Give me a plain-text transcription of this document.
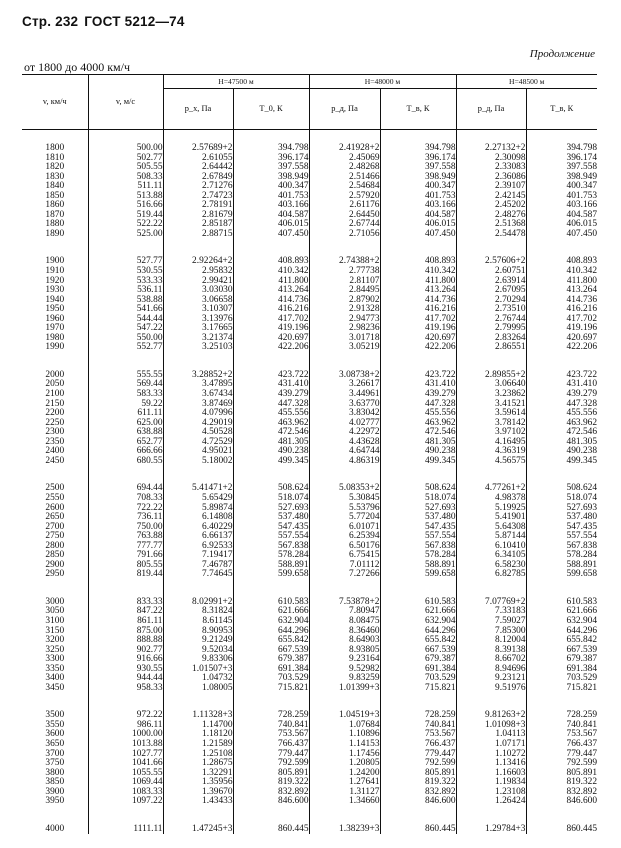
Стр. 232 ГОСТ 5212—74
Продолжение
от 1800 до 4000 км/ч
v, км/ч	v, м/с	H=47500 м		H=48000 м		H=48500 м	
		p_x, Па	T_0, К	p_д, Па	T_в, К	p_д, Па	T_в, К

1800	500.00	2.57689+2	394.798	2.41928+2	394.798	2.27132+2	394.798
1810	502.77	2.61055	396.174	2.45069	396.174	2.30098	396.174
1820	505.55	2.64442	397.558	2.48268	397.558	2.33083	397.558
1830	508.33	2.67849	398.949	2.51466	398.949	2.36086	398.949
1840	511.11	2.71276	400.347	2.54684	400.347	2.39107	400.347
1850	513.88	2.74723	401.753	2.57920	401.753	2.42145	401.753
1860	516.66	2.78191	403.166	2.61176	403.166	2.45202	403.166
1870	519.44	2.81679	404.587	2.64450	404.587	2.48276	404.587
1880	522.22	2.85187	406.015	2.67744	406.015	2.51368	406.015
1890	525.00	2.88715	407.450	2.71056	407.450	2.54478	407.450

1900	527.77	2.92264+2	408.893	2.74388+2	408.893	2.57606+2	408.893
1910	530.55	2.95832	410.342	2.77738	410.342	2.60751	410.342
1920	533.33	2.99421	411.800	2.81107	411.800	2.63914	411.800
1930	536.11	3.03030	413.264	2.84495	413.264	2.67095	413.264
1940	538.88	3.06658	414.736	2.87902	414.736	2.70294	414.736
1950	541.66	3.10307	416.216	2.91328	416.216	2.73510	416.216
1960	544.44	3.13976	417.702	2.94773	417.702	2.76744	417.702
1970	547.22	3.17665	419.196	2.98236	419.196	2.79995	419.196
1980	550.00	3.21374	420.697	3.01718	420.697	2.83264	420.697
1990	552.77	3.25103	422.206	3.05219	422.206	2.86551	422.206

2000	555.55	3.28852+2	423.722	3.08738+2	423.722	2.89855+2	423.722
2050	569.44	3.47895	431.410	3.26617	431.410	3.06640	431.410
2100	583.33	3.67434	439.279	3.44961	439.279	3.23862	439.279
2150	59.22	3.87469	447.328	3.63770	447.328	3.41521	447.328
2200	611.11	4.07996	455.556	3.83042	455.556	3.59614	455.556
2250	625.00	4.29019	463.962	4.02777	463.962	3.78142	463.962
2300	638.88	4.50528	472.546	4.22972	472.546	3.97102	472.546
2350	652.77	4.72529	481.305	4.43628	481.305	4.16495	481.305
2400	666.66	4.95021	490.238	4.64744	490.238	4.36319	490.238
2450	680.55	5.18002	499.345	4.86319	499.345	4.56575	499.345

2500	694.44	5.41471+2	508.624	5.08353+2	508.624	4.77261+2	508.624
2550	708.33	5.65429	518.074	5.30845	518.074	4.98378	518.074
2600	722.22	5.89874	527.693	5.53796	527.693	5.19925	527.693
2650	736.11	6.14808	537.480	5.77204	537.480	5.41901	537.480
2700	750.00	6.40229	547.435	6.01071	547.435	5.64308	547.435
2750	763.88	6.66137	557.554	6.25394	557.554	5.87144	557.554
2800	777.77	6.92533	567.838	6.50176	567.838	6.10410	567.838
2850	791.66	7.19417	578.284	6.75415	578.284	6.34105	578.284
2900	805.55	7.46787	588.891	7.01112	588.891	6.58230	588.891
2950	819.44	7.74645	599.658	7.27266	599.658	6.82785	599.658

3000	833.33	8.02991+2	610.583	7.53878+2	610.583	7.07769+2	610.583
3050	847.22	8.31824	621.666	7.80947	621.666	7.33183	621.666
3100	861.11	8.61145	632.904	8.08475	632.904	7.59027	632.904
3150	875.00	8.90953	644.296	8.36460	644.296	7.85300	644.296
3200	888.88	9.21249	655.842	8.64903	655.842	8.12004	655.842
3250	902.77	9.52034	667.539	8.93805	667.539	8.39138	667.539
3300	916.66	9.83306	679.387	9.23164	679.387	8.66702	679.387
3350	930.55	1.01507+3	691.384	9.52982	691.384	8.94696	691.384
3400	944.44	1.04732	703.529	9.83259	703.529	9.23121	703.529
3450	958.33	1.08005	715.821	1.01399+3	715.821	9.51976	715.821

3500	972.22	1.11328+3	728.259	1.04519+3	728.259	9.81263+2	728.259
3550	986.11	1.14700	740.841	1.07684	740.841	1.01098+3	740.841
3600	1000.00	1.18120	753.567	1.10896	753.567	1.04113	753.567
3650	1013.88	1.21589	766.437	1.14153	766.437	1.07171	766.437
3700	1027.77	1.25108	779.447	1.17456	779.447	1.10272	779.447
3750	1041.66	1.28675	792.599	1.20805	792.599	1.13416	792.599
3800	1055.55	1.32291	805.891	1.24200	805.891	1.16603	805.891
3850	1069.44	1.35956	819.322	1.27641	819.322	1.19834	819.322
3900	1083.33	1.39670	832.892	1.31127	832.892	1.23108	832.892
3950	1097.22	1.43433	846.600	1.34660	846.600	1.26424	846.600

4000	1111.11	1.47245+3	860.445	1.38239+3	860.445	1.29784+3	860.445
